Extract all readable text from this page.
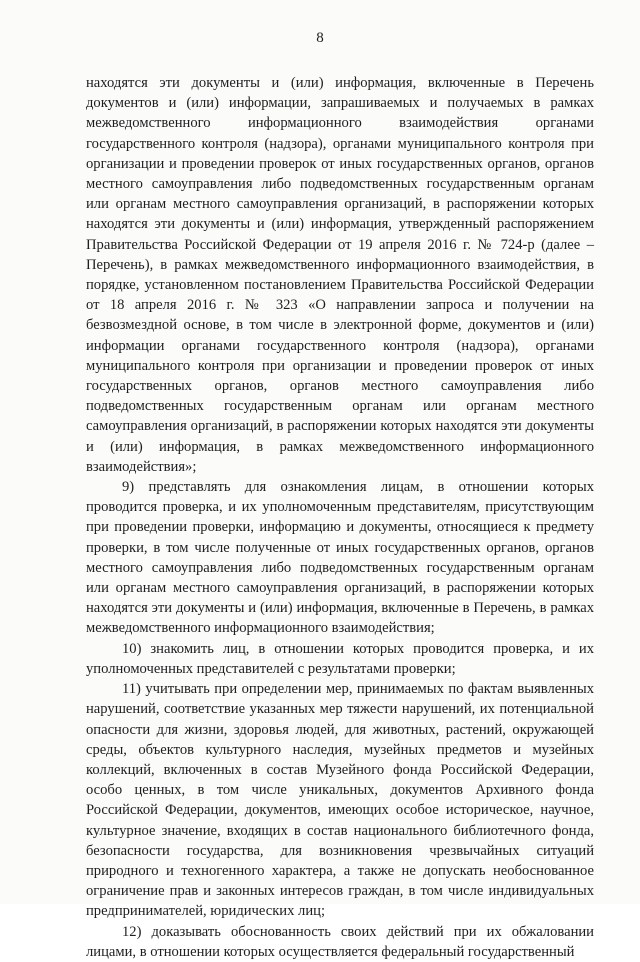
8

находятся эти документы и (или) информация, включенные в Перечень документов и (или) информации, запрашиваемых и получаемых в рамках межведомственного информационного взаимодействия органами государственного контроля (надзора), органами муниципального контроля при организации и проведении проверок от иных государственных органов, органов местного самоуправления либо подведомственных государственным органам или органам местного самоуправления организаций, в распоряжении которых находятся эти документы и (или) информация, утвержденный распоряжением Правительства Российской Федерации от 19 апреля 2016 г. № 724-р (далее – Перечень), в рамках межведомственного информационного взаимодействия, в порядке, установленном постановлением Правительства Российской Федерации от 18 апреля 2016 г. № 323 «О направлении запроса и получении на безвозмездной основе, в том числе в электронной форме, документов и (или) информации органами государственного контроля (надзора), органами муниципального контроля при организации и проведении проверок от иных государственных органов, органов местного самоуправления либо подведомственных государственным органам или органам местного самоуправления организаций, в распоряжении которых находятся эти документы и (или) информация, в рамках межведомственного информационного взаимодействия»;

9) представлять для ознакомления лицам, в отношении которых проводится проверка, и их уполномоченным представителям, присутствующим при проведении проверки, информацию и документы, относящиеся к предмету проверки, в том числе полученные от иных государственных органов, органов местного самоуправления либо подведомственных государственным органам или органам местного самоуправления организаций, в распоряжении которых находятся эти документы и (или) информация, включенные в Перечень, в рамках межведомственного информационного взаимодействия;

10) знакомить лиц, в отношении которых проводится проверка, и их уполномоченных представителей с результатами проверки;

11) учитывать при определении мер, принимаемых по фактам выявленных нарушений, соответствие указанных мер тяжести нарушений, их потенциальной опасности для жизни, здоровья людей, для животных, растений, окружающей среды, объектов культурного наследия, музейных предметов и музейных коллекций, включенных в состав Музейного фонда Российской Федерации, особо ценных, в том числе уникальных, документов Архивного фонда Российской Федерации, документов, имеющих особое историческое, научное, культурное значение, входящих в состав национального библиотечного фонда, безопасности государства, для возникновения чрезвычайных ситуаций природного и техногенного характера, а также не допускать необоснованное ограничение прав и законных интересов граждан, в том числе индивидуальных предпринимателей, юридических лиц;

12) доказывать обоснованность своих действий при их обжаловании лицами, в отношении которых осуществляется федеральный государственный
